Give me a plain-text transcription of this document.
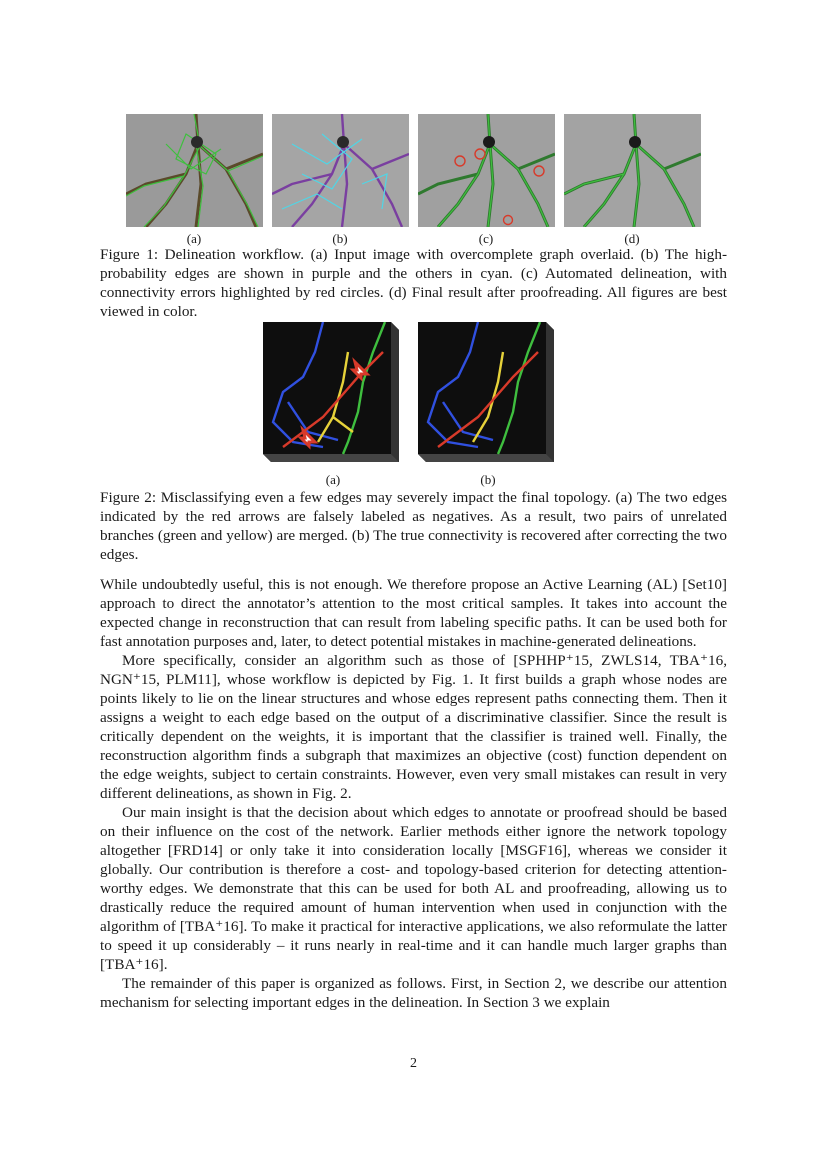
(a)	(b)	(c)	(d)
Figure 1: Delineation workflow. (a) Input image with overcomplete graph overlaid. (b) The high-probability edges are shown in purple and the others in cyan. (c) Automated delineation, with connectivity errors highlighted by red circles. (d) Final result after proofreading. All figures are best viewed in color.
(a)	(b)
Figure 2: Misclassifying even a few edges may severely impact the final topology. (a) The two edges indicated by the red arrows are falsely labeled as negatives. As a result, two pairs of unrelated branches (green and yellow) are merged. (b) The true connectivity is recovered after correcting the two edges.

While undoubtedly useful, this is not enough. We therefore propose an Active Learning (AL) [Set10] approach to direct the annotator’s attention to the most critical samples. It takes into account the expected change in reconstruction that can result from labeling specific paths. It can be used both for fast annotation purposes and, later, to detect potential mistakes in machine-generated delineations.

More specifically, consider an algorithm such as those of [SPHHP⁺15, ZWLS14, TBA⁺16, NGN⁺15, PLM11], whose workflow is depicted by Fig. 1. It first builds a graph whose nodes are points likely to lie on the linear structures and whose edges represent paths connecting them. Then it assigns a weight to each edge based on the output of a discriminative classifier. Since the result is critically dependent on the weights, it is important that the classifier is trained well. Finally, the reconstruction algorithm finds a subgraph that maximizes an objective (cost) function dependent on the edge weights, subject to certain constraints. However, even very small mistakes can result in very different delineations, as shown in Fig. 2.

Our main insight is that the decision about which edges to annotate or proofread should be based on their influence on the cost of the network. Earlier methods either ignore the network topology altogether [FRD14] or only take it into consideration locally [MSGF16], whereas we consider it globally. Our contribution is therefore a cost- and topology-based criterion for detecting attention-worthy edges. We demonstrate that this can be used for both AL and proofreading, allowing us to drastically reduce the required amount of human intervention when used in conjunction with the algorithm of [TBA⁺16]. To make it practical for interactive applications, we also reformulate the latter to speed it up considerably – it runs nearly in real-time and it can handle much larger graphs than [TBA⁺16].

The remainder of this paper is organized as follows. First, in Section 2, we describe our attention mechanism for selecting important edges in the delineation. In Section 3 we explain

2
